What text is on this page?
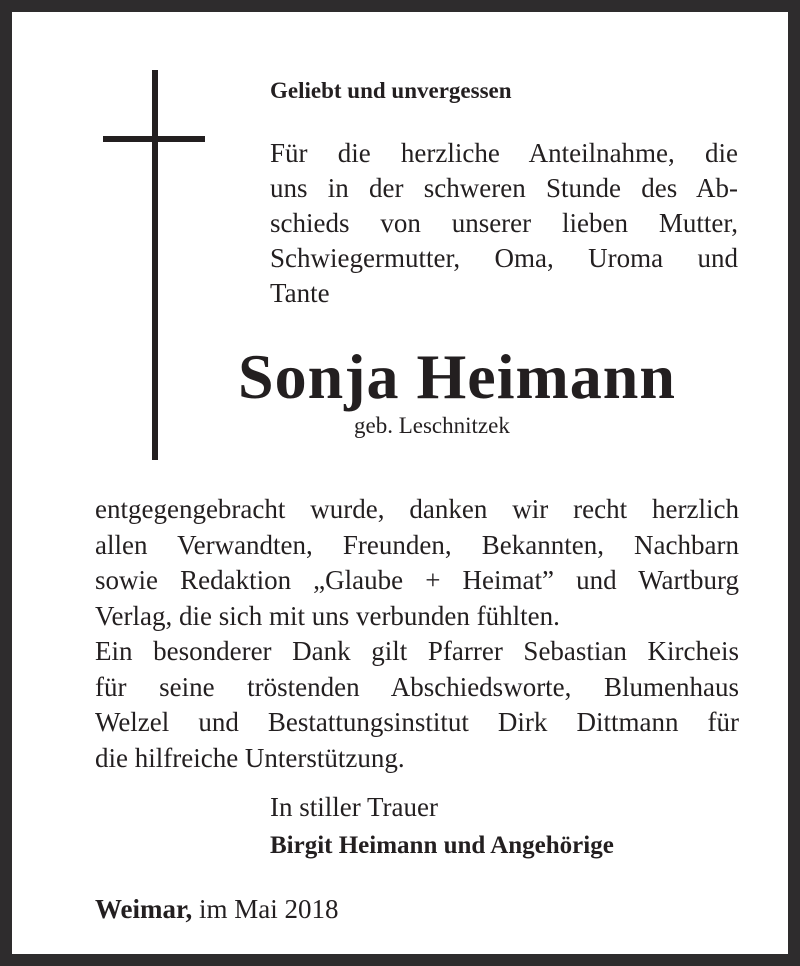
Geliebt und unvergessen
Für die herzliche Anteilnahme, die
uns in der schweren Stunde des Ab-
schieds von unserer lieben Mutter,
Schwiegermutter, Oma, Uroma und
Tante
Sonja Heimann
geb. Leschnitzek
entgegengebracht wurde, danken wir recht herzlich
allen Verwandten, Freunden, Bekannten, Nachbarn
sowie Redaktion „Glaube + Heimat” und Wartburg
Verlag, die sich mit uns verbunden fühlten.
Ein besonderer Dank gilt Pfarrer Sebastian Kircheis
für seine tröstenden Abschiedsworte, Blumenhaus
Welzel und Bestattungsinstitut Dirk Dittmann für
die hilfreiche Unterstützung.
In stiller Trauer
Birgit Heimann und Angehörige
Weimar, im Mai 2018
